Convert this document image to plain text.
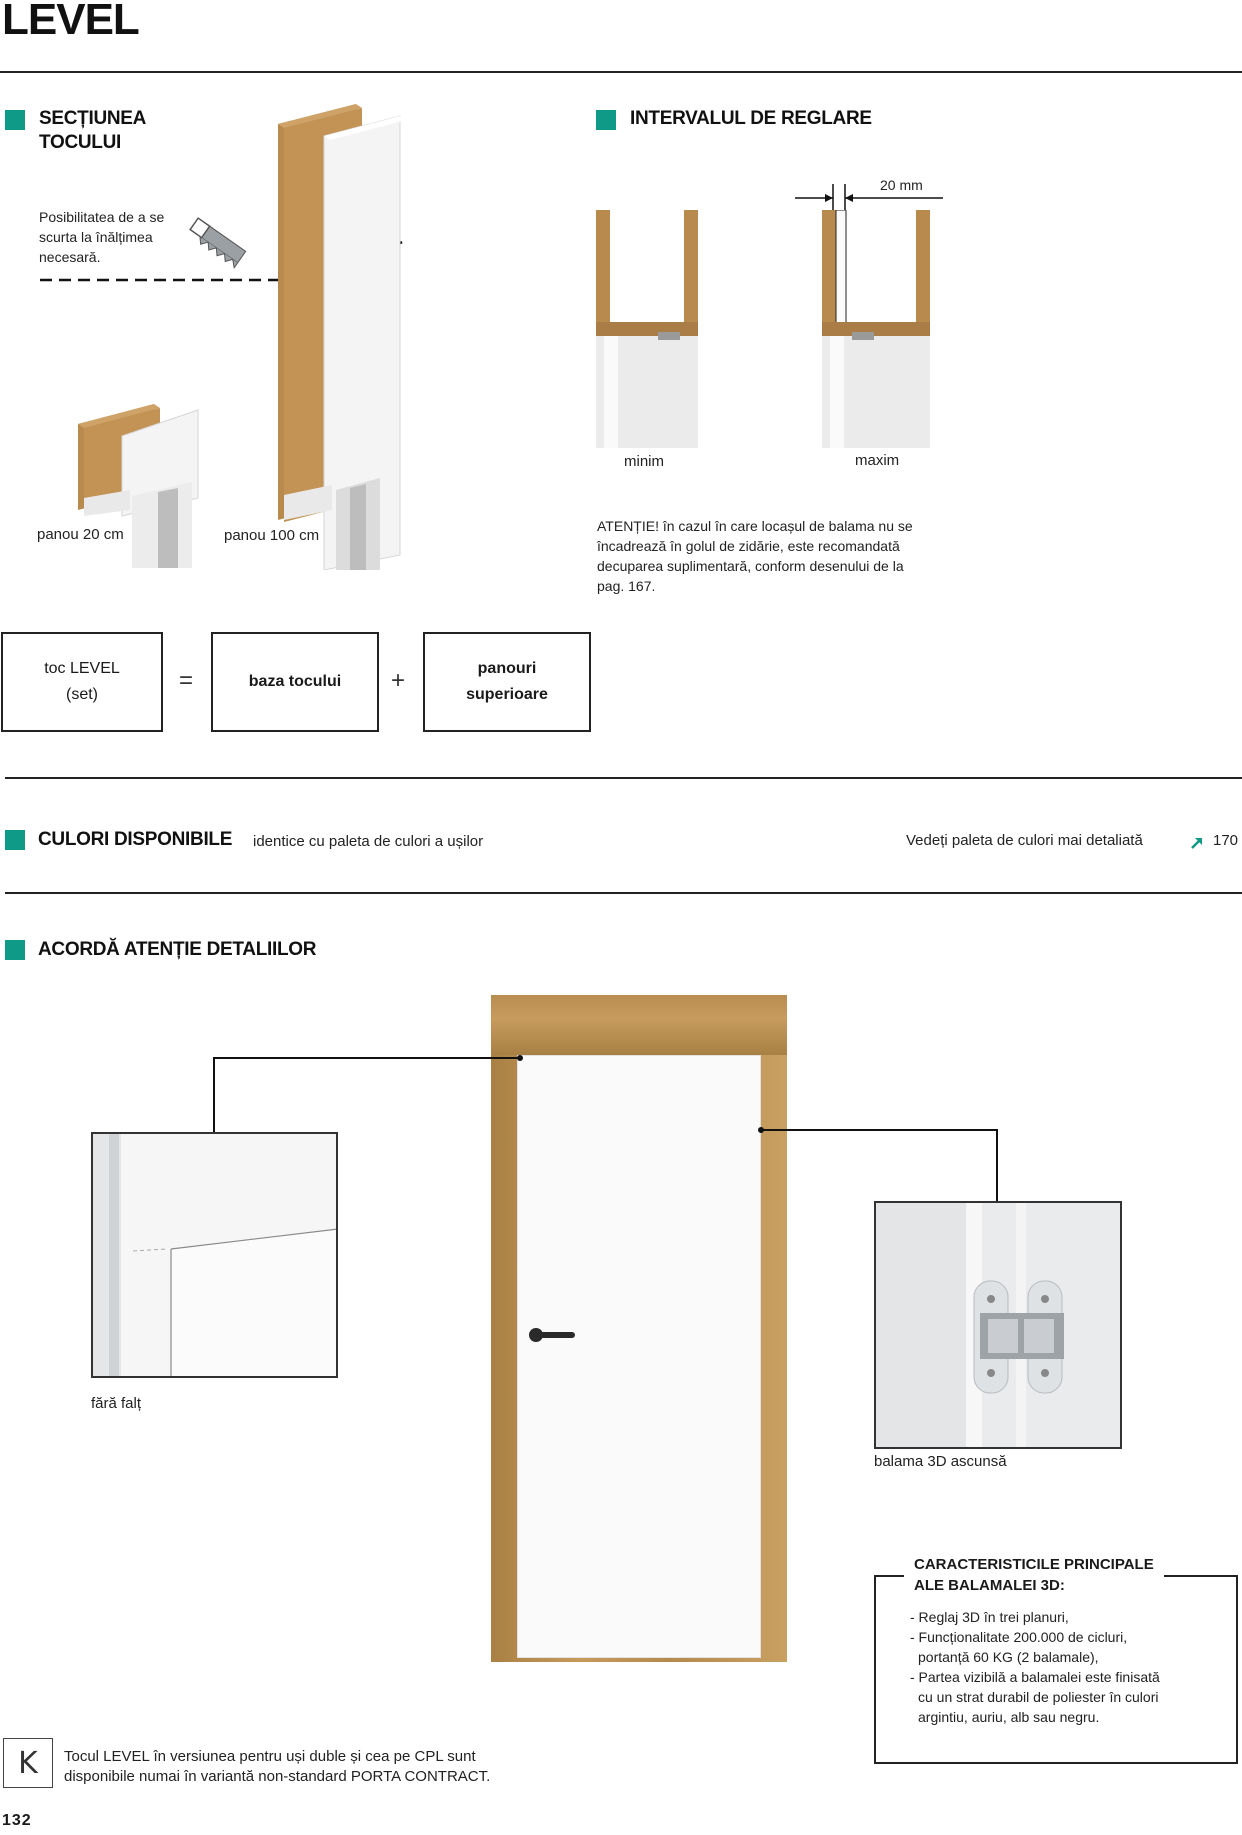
LEVEL
SECȚIUNEA
TOCULUI
Posibilitatea de a se
scurta la înălțimea
necesară.
panou 20 cm	panou 100 cm
INTERVALUL DE REGLARE
20 mm
minim	maxim
ATENȚIE! în cazul în care locașul de balama nu se
încadrează în golul de zidărie, este recomandată
decuparea suplimentară, conform desenului de la
pag. 167.
toc LEVEL
(set)
=	baza tocului +	panouri
superioare
CULORI DISPONIBILE identice cu paleta de culori a ușilor	Vedeți paleta de culori mai detaliată	170
ACORDĂ ATENȚIE DETALIILOR
fără falț
balama 3D ascunsă
CARACTERISTICILE PRINCIPALE
ALE BALAMALEI 3D:
- Reglaj 3D în trei planuri,
- Funcționalitate 200.000 de cicluri,
portanță 60 KG (2 balamale),
- Partea vizibilă a balamalei este finisată
cu un strat durabil de poliester în culori
argintiu, auriu, alb sau negru.
K Tocul LEVEL în versiunea pentru uși duble și cea pe CPL sunt
disponibile numai în variantă non-standard PORTA CONTRACT.
132
